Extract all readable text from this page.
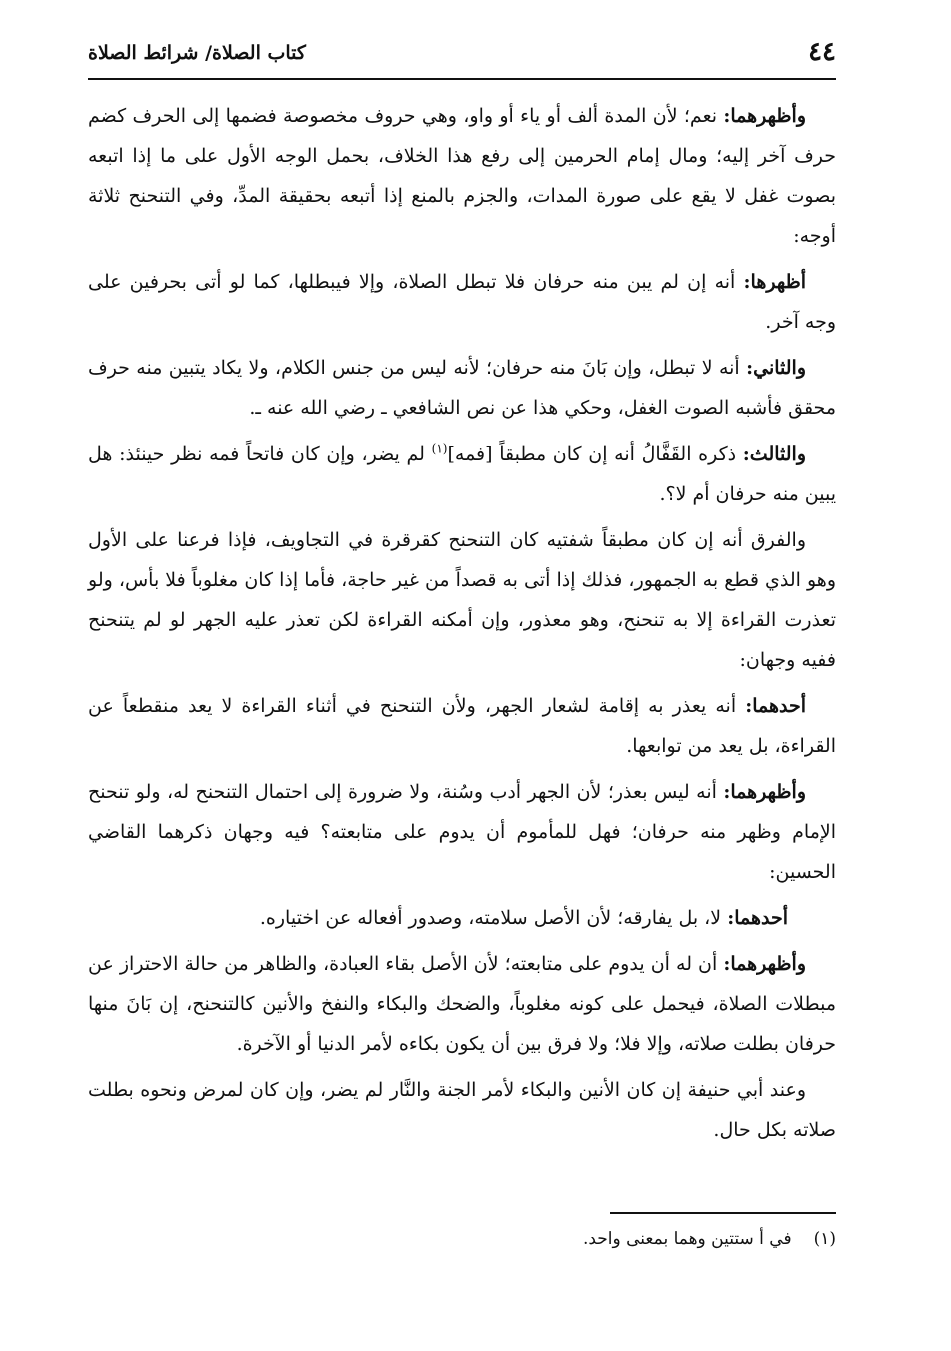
٤٤
كتاب الصلاة/ شرائط الصلاة

وأظهرهما: نعم؛ لأن المدة ألف أو ياء أو واو، وهي حروف مخصوصة فضمها إلى الحرف كضم حرف آخر إليه؛ ومال إمام الحرمين إلى رفع هذا الخلاف، بحمل الوجه الأول على ما إذا اتبعه بصوت غفل لا يقع على صورة المدات، والجزم بالمنع إذا أتبعه بحقيقة المدِّ، وفي التنحنح ثلاثة أوجه:

أظهرها: أنه إن لم يبن منه حرفان فلا تبطل الصلاة، وإلا فيبطلها، كما لو أتى بحرفين على وجه آخر.

والثاني: أنه لا تبطل، وإن بَانَ منه حرفان؛ لأنه ليس من جنس الكلام، ولا يكاد يتبين منه حرف محقق فأشبه الصوت الغفل، وحكي هذا عن نص الشافعي ـ رضي الله عنه ـ.

والثالث: ذكره القَفَّالُ أنه إن كان مطبقاً [فمه]$^{(١)}$ لم يضر، وإن كان فاتحاً فمه نظر حينئذ: هل يبين منه حرفان أم لا؟.

والفرق أنه إن كان مطبقاً شفتيه كان التنحنح كقرقرة في التجاويف، فإذا فرعنا على الأول وهو الذي قطع به الجمهور، فذلك إذا أتى به قصداً من غير حاجة، فأما إذا كان مغلوباً فلا بأس، ولو تعذرت القراءة إلا به تنحنح، وهو معذور، وإن أمكنه القراءة لكن تعذر عليه الجهر لو لم يتنحنح ففيه وجهان:

أحدهما: أنه يعذر به إقامة لشعار الجهر، ولأن التنحنح في أثناء القراءة لا يعد منقطعاً عن القراءة، بل يعد من توابعها.

وأظهرهما: أنه ليس بعذر؛ لأن الجهر أدب وسُنة، ولا ضرورة إلى احتمال التنحنح له، ولو تنحنح الإمام وظهر منه حرفان؛ فهل للمأموم أن يدوم على متابعته؟ فيه وجهان ذكرهما القاضي الحسين:

أحدهما: لا، بل يفارقه؛ لأن الأصل سلامته، وصدور أفعاله عن اختياره.

وأظهرهما: أن له أن يدوم على متابعته؛ لأن الأصل بقاء العبادة، والظاهر من حالة الاحتراز عن مبطلات الصلاة، فيحمل على كونه مغلوباً، والضحك والبكاء والنفخ والأنين كالتنحنح، إن بَانَ منها حرفان بطلت صلاته، وإلا فلا؛ ولا فرق بين أن يكون بكاءه لأمر الدنيا أو الآخرة.

وعند أبي حنيفة إن كان الأنين والبكاء لأمر الجنة والنَّار لم يضر، وإن كان لمرض ونحوه بطلت صلاته بكل حال.

(١)في أ ستتين وهما بمعنى واحد.
